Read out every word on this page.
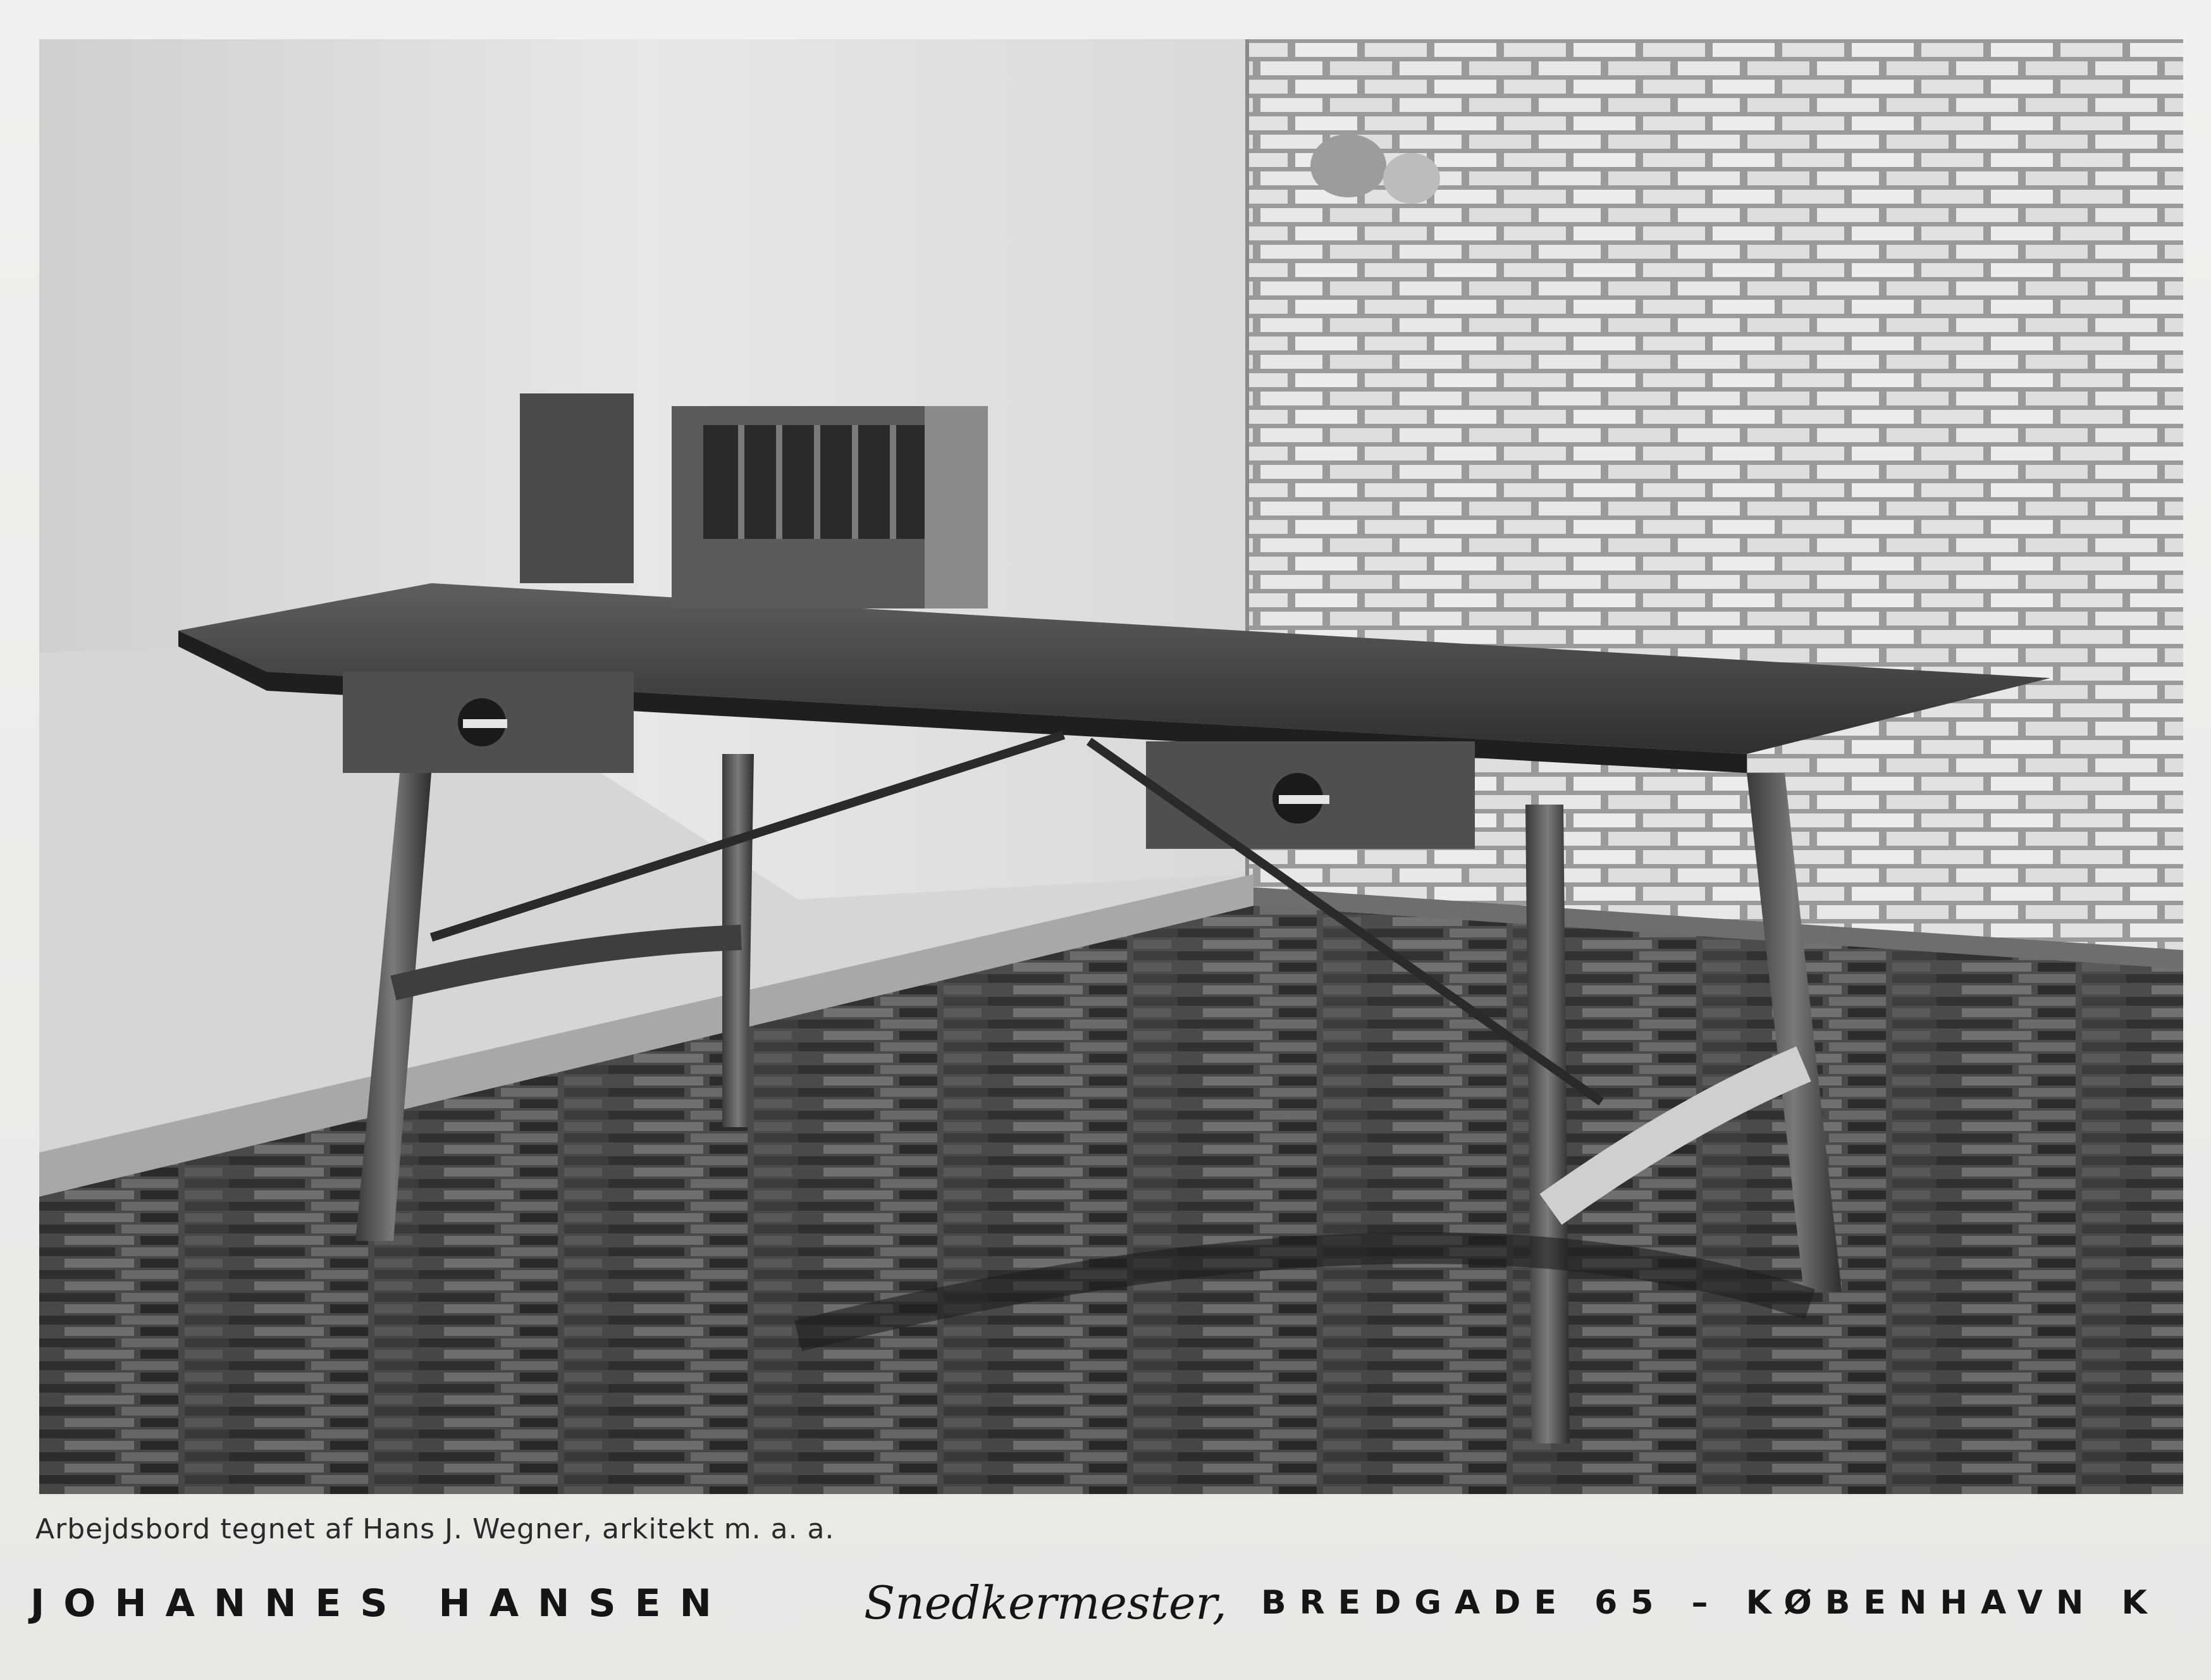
Arbejdsbord tegnet af Hans J. Wegner, arkitekt m. a. a.
JOHANNES HANSEN	Snedkermester, BREDGADE 65 – KØBENHAVN K
